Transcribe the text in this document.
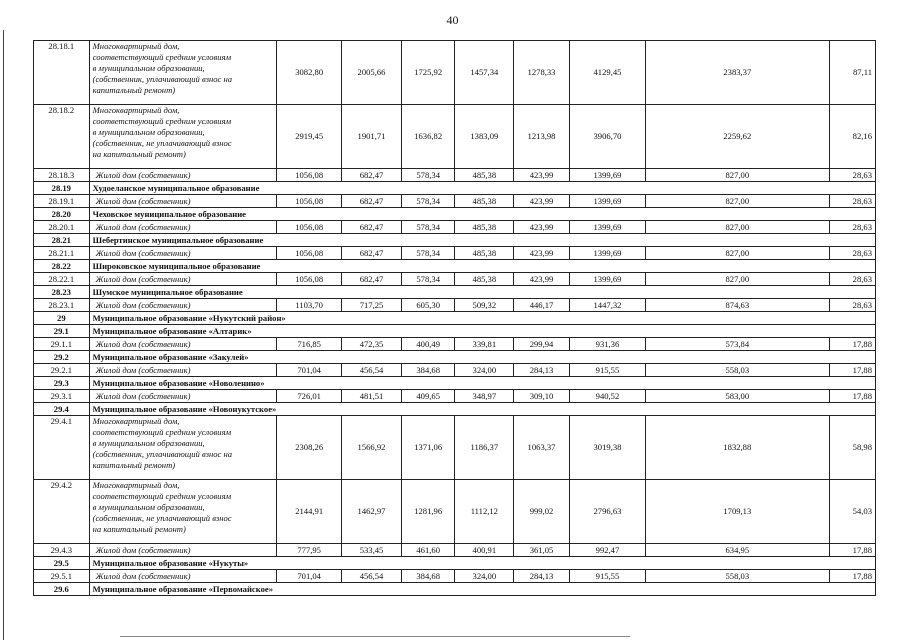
40
28.18.1	Многоквартирный дом,
соответствующий средним условиям
в муниципальном образовании,
(собственник, уплачивающий взнос на
капитальный ремонт)	3082,80	2005,66	1725,92	1457,34	1278,33	4129,45	2383,37	87,11
28.18.2	Многоквартирный дом,
соответствующий средним условиям
в муниципальном образовании,
(собственник, не уплачивающий взнос
на капитальный ремонт)	2919,45	1901,71	1636,82	1383,09	1213,98	3906,70	2259,62	82,16
28.18.3	Жилой дом (собственник)	1056,08	682,47	578,34	485,38	423,99	1399,69	827,00	28,63
28.19	Худоеланское муниципальное образование								
28.19.1	Жилой дом (собственник)	1056,08	682,47	578,34	485,38	423,99	1399,69	827,00	28,63
28.20	Чеховское муниципальное образование								
28.20.1	Жилой дом (собственник)	1056,08	682,47	578,34	485,38	423,99	1399,69	827,00	28,63
28.21	Шебертинское муниципальное образование								
28.21.1	Жилой дом (собственник)	1056,08	682,47	578,34	485,38	423,99	1399,69	827,00	28,63
28.22	Широковское муниципальное образование								
28.22.1	Жилой дом (собственник)	1056,08	682,47	578,34	485,38	423,99	1399,69	827,00	28,63
28.23	Шумское муниципальное образование								
28.23.1	Жилой дом (собственник)	1103,70	717,25	605,30	509,32	446,17	1447,32	874,63	28,63
29	Муниципальное образование «Нукутский район»								
29.1	Муниципальное образование «Алтарик»								
29.1.1	Жилой дом (собственник)	716,85	472,35	400,49	339,81	299,94	931,36	573,84	17,88
29.2	Муниципальное образование «Закулей»								
29.2.1	Жилой дом (собственник)	701,04	456,54	384,68	324,00	284,13	915,55	558,03	17,88
29.3	Муниципальное образование «Новоленино»								
29.3.1	Жилой дом (собственник)	726,01	481,51	409,65	348,97	309,10	940,52	583,00	17,88
29.4	Муниципальное образование «Новонукутское»								
29.4.1	Многоквартирный дом,
соответствующий средним условиям
в муниципальном образовании,
(собственник, уплачивающий взнос на
капитальный ремонт)	2308,26	1566,92	1371,06	1186,37	1063,37	3019,38	1832,88	58,98
29.4.2	Многоквартирный дом,
соответствующий средним условиям
в муниципальном образовании,
(собственник, не уплачивающий взнос
на капитальный ремонт)	2144,91	1462,97	1281,96	1112,12	999,02	2796,63	1709,13	54,03
29.4.3	Жилой дом (собственник)	777,95	533,45	461,60	400,91	361,05	992,47	634,95	17,88
29.5	Муниципальное образование «Нукуты»								
29.5.1	Жилой дом (собственник)	701,04	456,54	384,68	324,00	284,13	915,55	558,03	17,88
29.6	Муниципальное образование «Первомайское»								
